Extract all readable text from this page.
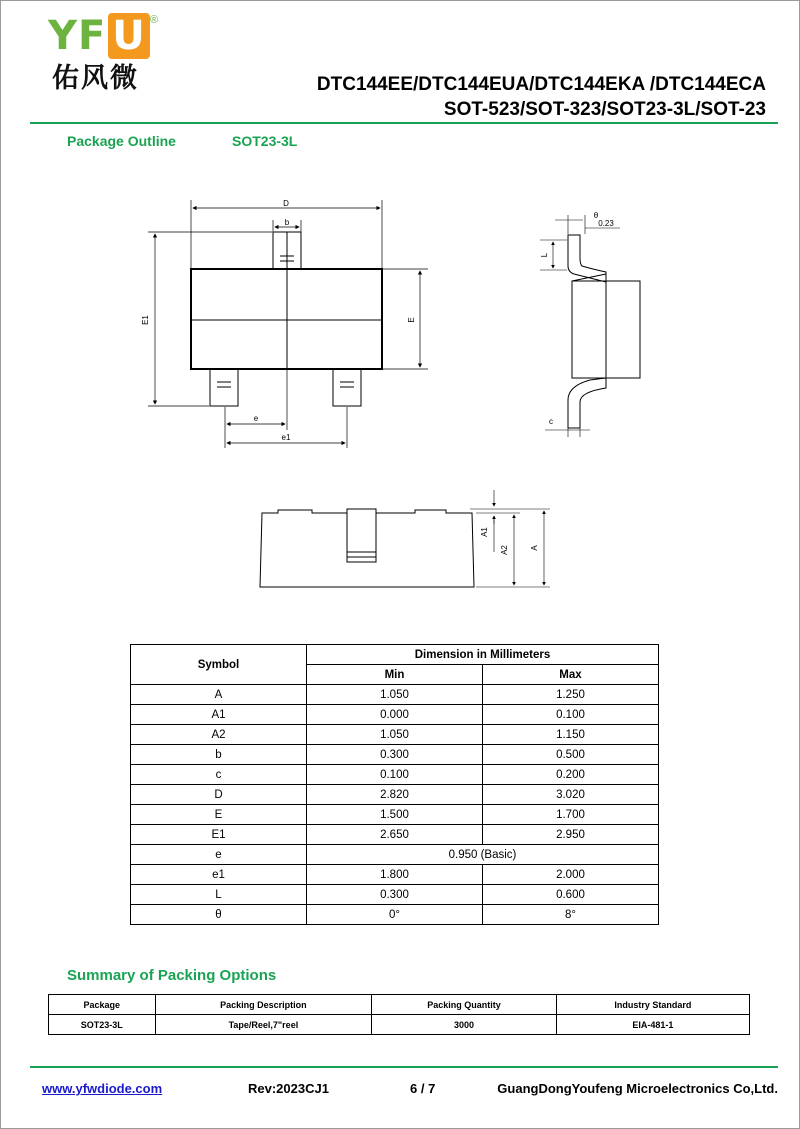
YF U ®
佑风微	DTC144EE/DTC144EUA/DTC144EKA /DTC144ECA
SOT-523/SOT-323/SOT23-3L/SOT-23
Package Outline	SOT23-3L
D
b
E1	E
e
e1
θ
0.23
L
c
A1
A2	A
Symbol	Dimension in Millimeters	
	Min	Max
A	1.050	1.250
A1	0.000	0.100
A2	1.050	1.150
b	0.300	0.500
c	0.100	0.200
D	2.820	3.020
E	1.500	1.700
E1	2.650	2.950
e	0.950 (Basic)	
e1	1.800	2.000
L	0.300	0.600
θ	0°	8°
Summary of Packing Options
Package	Packing Description	Packing Quantity	Industry Standard
SOT23-3L	Tape/Reel,7"reel	3000	EIA-481-1
www.yfwdiode.com	Rev:2023CJ1	6 / 7	GuangDongYoufeng Microelectronics Co,Ltd.
